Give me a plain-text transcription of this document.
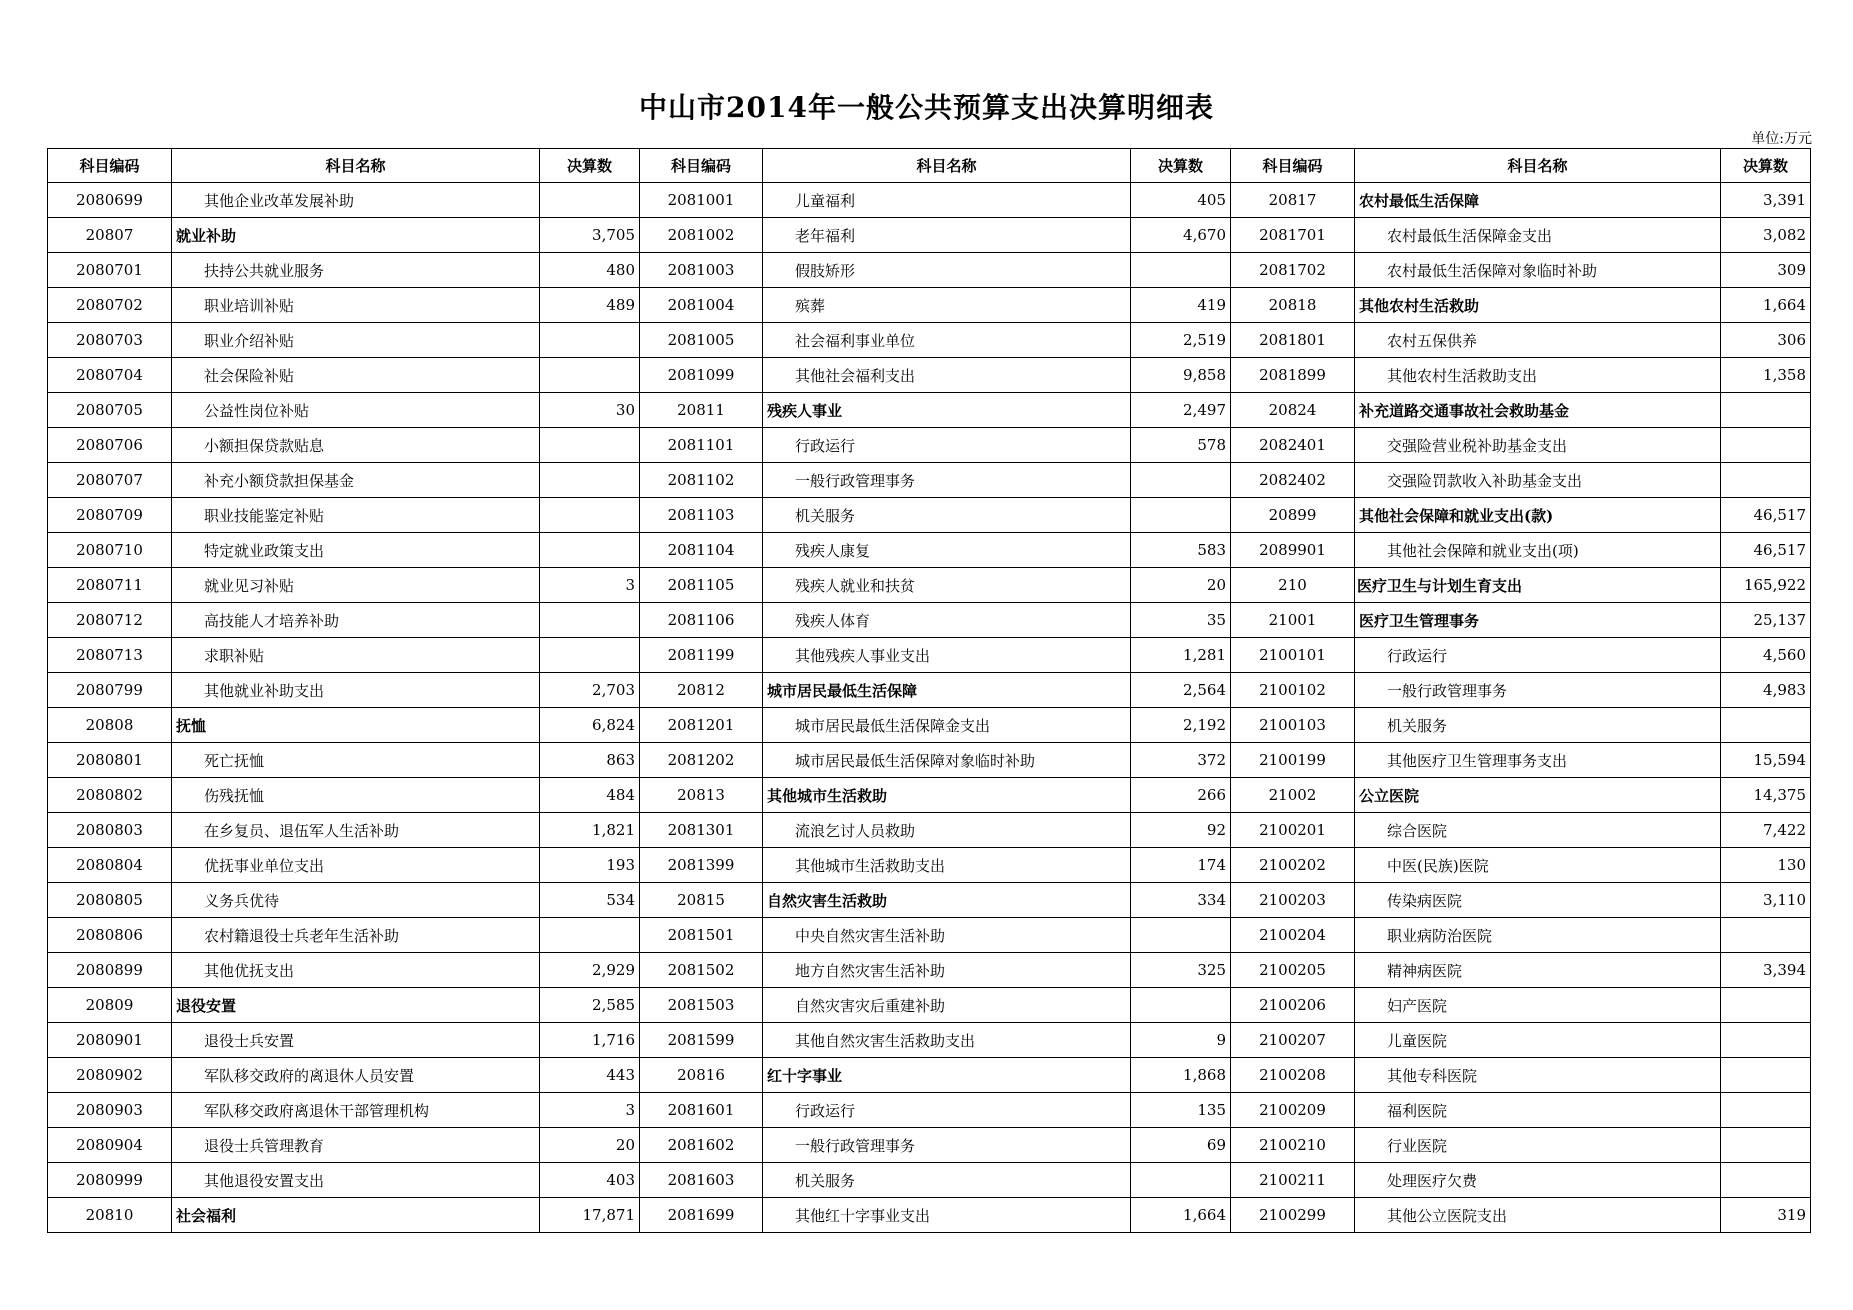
中山市2014年一般公共预算支出决算明细表
单位:万元
科目编码	科目名称	决算数	科目编码	科目名称	决算数	科目编码	科目名称	决算数
2080699	其他企业改革发展补助		2081001	儿童福利	405	20817	农村最低生活保障	3,391
20807	就业补助	3,705	2081002	老年福利	4,670	2081701	农村最低生活保障金支出	3,082
2080701	扶持公共就业服务	480	2081003	假肢矫形		2081702	农村最低生活保障对象临时补助	309
2080702	职业培训补贴	489	2081004	殡葬	419	20818	其他农村生活救助	1,664
2080703	职业介绍补贴		2081005	社会福利事业单位	2,519	2081801	农村五保供养	306
2080704	社会保险补贴		2081099	其他社会福利支出	9,858	2081899	其他农村生活救助支出	1,358
2080705	公益性岗位补贴	30	20811	残疾人事业	2,497	20824	补充道路交通事故社会救助基金	
2080706	小额担保贷款贴息		2081101	行政运行	578	2082401	交强险营业税补助基金支出	
2080707	补充小额贷款担保基金		2081102	一般行政管理事务		2082402	交强险罚款收入补助基金支出	
2080709	职业技能鉴定补贴		2081103	机关服务		20899	其他社会保障和就业支出(款)	46,517
2080710	特定就业政策支出		2081104	残疾人康复	583	2089901	其他社会保障和就业支出(项)	46,517
2080711	就业见习补贴	3	2081105	残疾人就业和扶贫	20	210	医疗卫生与计划生育支出	165,922
2080712	高技能人才培养补助		2081106	残疾人体育	35	21001	医疗卫生管理事务	25,137
2080713	求职补贴		2081199	其他残疾人事业支出	1,281	2100101	行政运行	4,560
2080799	其他就业补助支出	2,703	20812	城市居民最低生活保障	2,564	2100102	一般行政管理事务	4,983
20808	抚恤	6,824	2081201	城市居民最低生活保障金支出	2,192	2100103	机关服务	
2080801	死亡抚恤	863	2081202	城市居民最低生活保障对象临时补助	372	2100199	其他医疗卫生管理事务支出	15,594
2080802	伤残抚恤	484	20813	其他城市生活救助	266	21002	公立医院	14,375
2080803	在乡复员、退伍军人生活补助	1,821	2081301	流浪乞讨人员救助	92	2100201	综合医院	7,422
2080804	优抚事业单位支出	193	2081399	其他城市生活救助支出	174	2100202	中医(民族)医院	130
2080805	义务兵优待	534	20815	自然灾害生活救助	334	2100203	传染病医院	3,110
2080806	农村籍退役士兵老年生活补助		2081501	中央自然灾害生活补助		2100204	职业病防治医院	
2080899	其他优抚支出	2,929	2081502	地方自然灾害生活补助	325	2100205	精神病医院	3,394
20809	退役安置	2,585	2081503	自然灾害灾后重建补助		2100206	妇产医院	
2080901	退役士兵安置	1,716	2081599	其他自然灾害生活救助支出	9	2100207	儿童医院	
2080902	军队移交政府的离退休人员安置	443	20816	红十字事业	1,868	2100208	其他专科医院	
2080903	军队移交政府离退休干部管理机构	3	2081601	行政运行	135	2100209	福利医院	
2080904	退役士兵管理教育	20	2081602	一般行政管理事务	69	2100210	行业医院	
2080999	其他退役安置支出	403	2081603	机关服务		2100211	处理医疗欠费	
20810	社会福利	17,871	2081699	其他红十字事业支出	1,664	2100299	其他公立医院支出	319
